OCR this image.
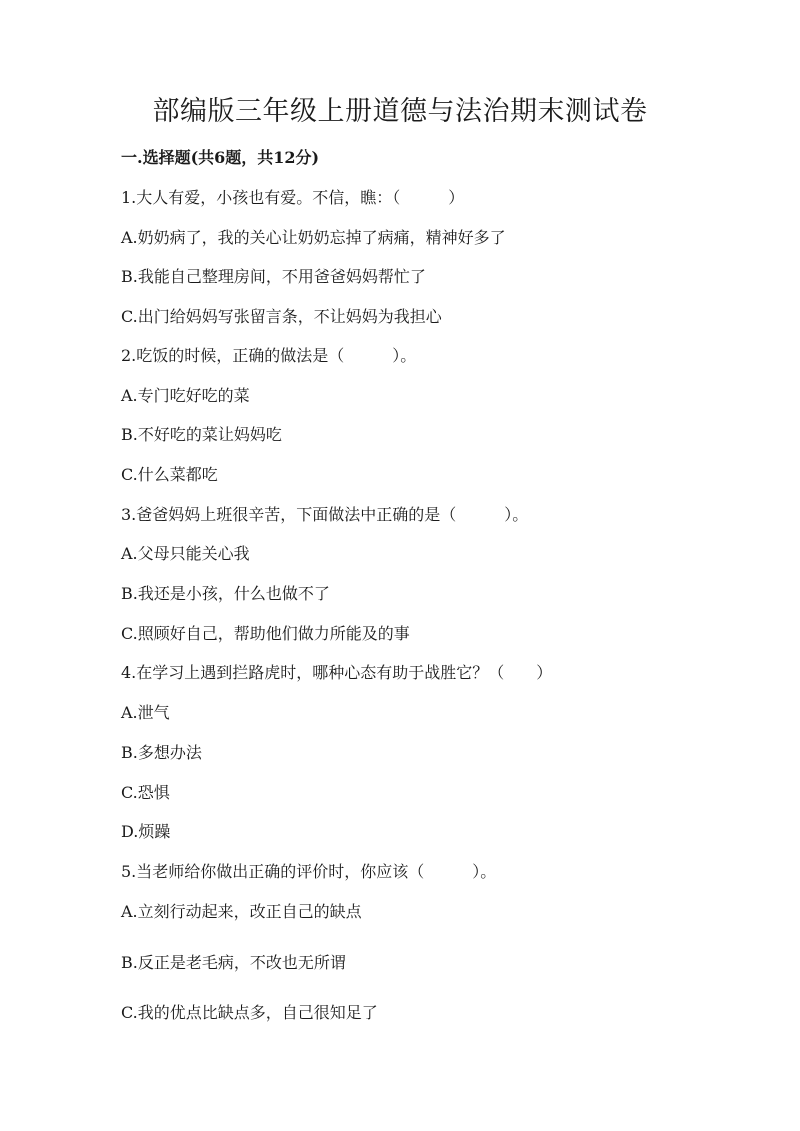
部编版三年级上册道德与法治期末测试卷
一.选择题(共6题，共12分)
1.大人有爱，小孩也有爱。不信，瞧：（　　　）
A.奶奶病了，我的关心让奶奶忘掉了病痛，精神好多了
B.我能自己整理房间，不用爸爸妈妈帮忙了
C.出门给妈妈写张留言条，不让妈妈为我担心
2.吃饭的时候，正确的做法是（　　　）。
A.专门吃好吃的菜
B.不好吃的菜让妈妈吃
C.什么菜都吃
3.爸爸妈妈上班很辛苦，下面做法中正确的是（　　　）。
A.父母只能关心我
B.我还是小孩，什么也做不了
C.照顾好自己，帮助他们做力所能及的事
4.在学习上遇到拦路虎时，哪种心态有助于战胜它？（　　）
A.泄气
B.多想办法
C.恐惧
D.烦躁
5.当老师给你做出正确的评价时，你应该（　　　）。
A.立刻行动起来，改正自己的缺点
B.反正是老毛病，不改也无所谓
C.我的优点比缺点多，自己很知足了
